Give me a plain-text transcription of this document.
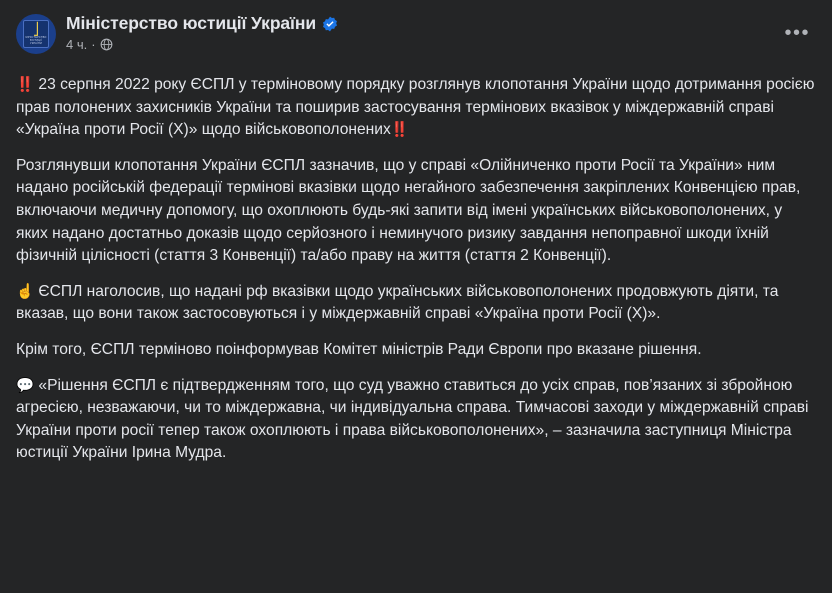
⎦
МІНІСТЕРСТВО ЮСТИЦІЇ УКРАЇНИ
Міністерство юстиції України
4 ч. ·
•••

‼️ 23 серпня 2022 року ЄСПЛ у терміновому порядку розглянув клопотання України щодо дотримання росією прав полонених захисників України та поширив застосування термінових вказівок у міждержавній справі «Україна проти Росії (X)» щодо військовополонених‼️

Розглянувши клопотання України ЄСПЛ зазначив, що у справі «Олійниченко проти Росії та України» ним надано російській федерації термінові вказівки щодо негайного забезпечення закріплених Конвенцією прав, включаючи медичну допомогу, що охоплюють будь-які запити від імені українських військовополонених, у яких надано достатньо доказів щодо серйозного і неминучого ризику завдання непоправної шкоди їхній фізичній цілісності (стаття 3 Конвенції) та/або праву на життя (стаття 2 Конвенції).

☝️ ЄСПЛ наголосив, що надані рф вказівки щодо українських військовополонених продовжують діяти, та вказав, що вони також застосовуються і у міждержавній справі «Україна проти Росії (X)».

Крім того, ЄСПЛ терміново поінформував Комітет міністрів Ради Європи про вказане рішення.

💬 «Рішення ЄСПЛ є підтвердженням того, що суд уважно ставиться до усіх справ, пов’язаних зі збройною агресією, незважаючи, чи то міждержавна, чи індивідуальна справа. Тимчасові заходи у міждержавній справі України проти росії тепер також охоплюють і права військовополонених», – зазначила заступниця Міністра юстиції України Ірина Мудра.
